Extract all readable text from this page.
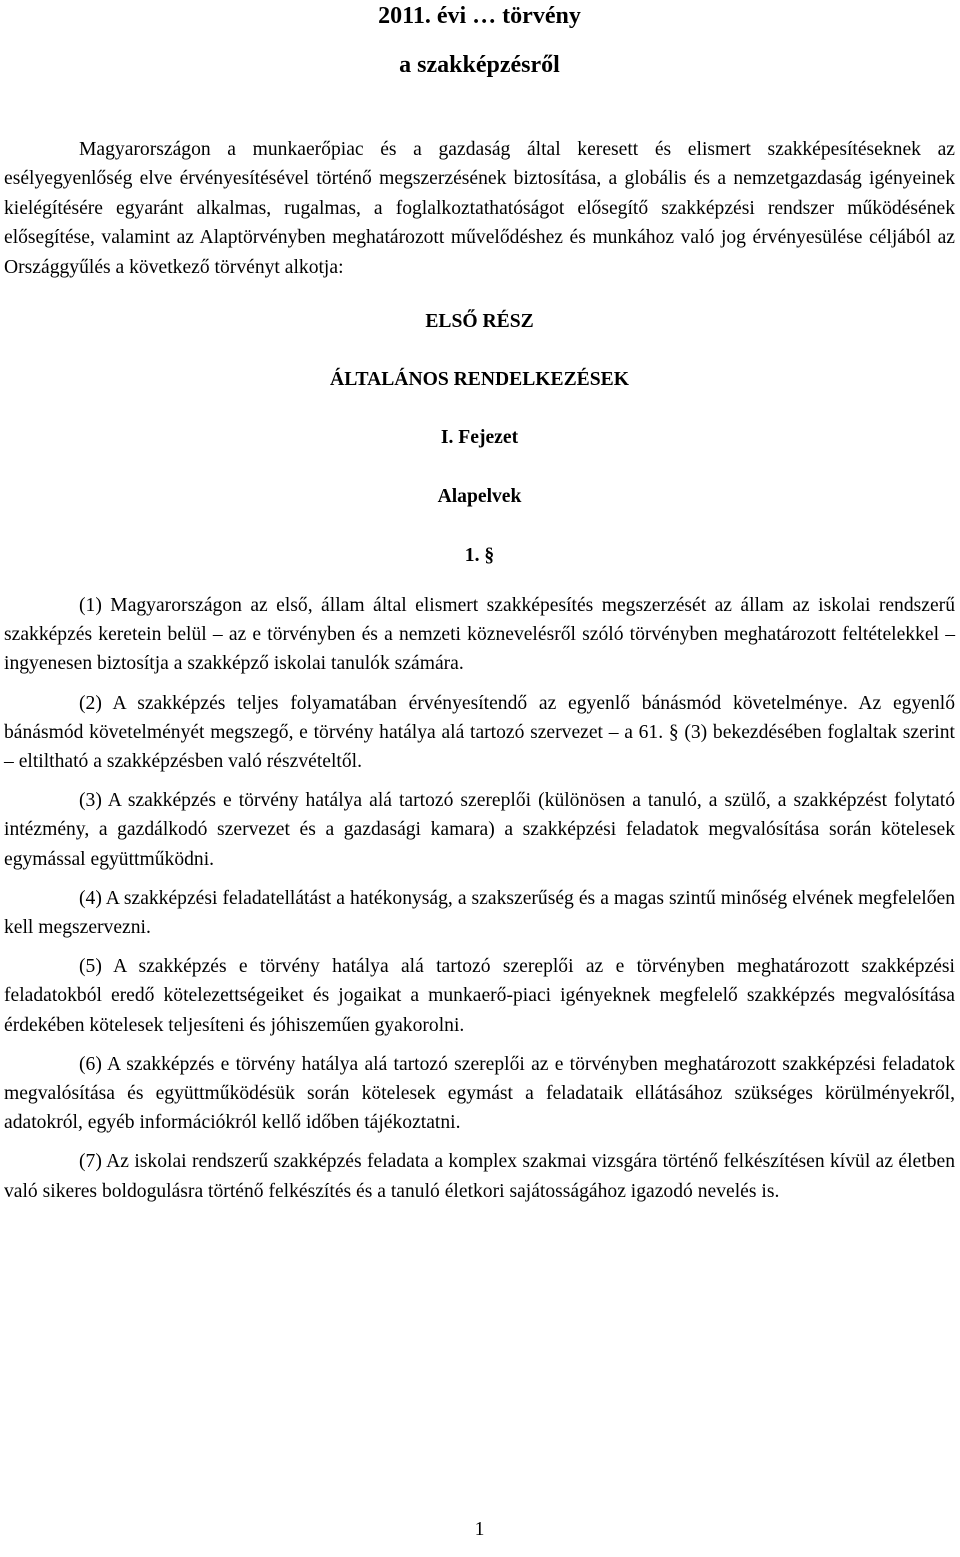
2011. évi … törvény

a szakképzésről

Magyarországon a munkaerőpiac és a gazdaság által keresett és elismert szakképesítéseknek az esélyegyenlőség elve érvényesítésével történő megszerzésének biztosítása, a globális és a nemzetgazdaság igényeinek kielégítésére egyaránt alkalmas, rugalmas, a foglalkoztathatóságot elősegítő szakképzési rendszer működésének elősegítése, valamint az Alaptörvényben meghatározott művelődéshez és munkához való jog érvényesülése céljából az Országgyűlés a következő törvényt alkotja:

ELSŐ RÉSZ

ÁLTALÁNOS RENDELKEZÉSEK

I. Fejezet

Alapelvek

1. §

(1) Magyarországon az első, állam által elismert szakképesítés megszerzését az állam az iskolai rendszerű szakképzés keretein belül – az e törvényben és a nemzeti köznevelésről szóló törvényben meghatározott feltételekkel – ingyenesen biztosítja a szakképző iskolai tanulók számára.

(2) A szakképzés teljes folyamatában érvényesítendő az egyenlő bánásmód követelménye. Az egyenlő bánásmód követelményét megszegő, e törvény hatálya alá tartozó szervezet – a 61. § (3) bekezdésében foglaltak szerint – eltiltható a szakképzésben való részvételtől.

(3) A szakképzés e törvény hatálya alá tartozó szereplői (különösen a tanuló, a szülő, a szakképzést folytató intézmény, a gazdálkodó szervezet és a gazdasági kamara) a szakképzési feladatok megvalósítása során kötelesek egymással együttműködni.

(4) A szakképzési feladatellátást a hatékonyság, a szakszerűség és a magas szintű minőség elvének megfelelően kell megszervezni.

(5) A szakképzés e törvény hatálya alá tartozó szereplői az e törvényben meghatározott szakképzési feladatokból eredő kötelezettségeiket és jogaikat a munkaerő-piaci igényeknek megfelelő szakképzés megvalósítása érdekében kötelesek teljesíteni és jóhiszeműen gyakorolni.

(6) A szakképzés e törvény hatálya alá tartozó szereplői az e törvényben meghatározott szakképzési feladatok megvalósítása és együttműködésük során kötelesek egymást a feladataik ellátásához szükséges körülményekről, adatokról, egyéb információkról kellő időben tájékoztatni.

(7) Az iskolai rendszerű szakképzés feladata a komplex szakmai vizsgára történő felkészítésen kívül az életben való sikeres boldogulásra történő felkészítés és a tanuló életkori sajátosságához igazodó nevelés is.

1
